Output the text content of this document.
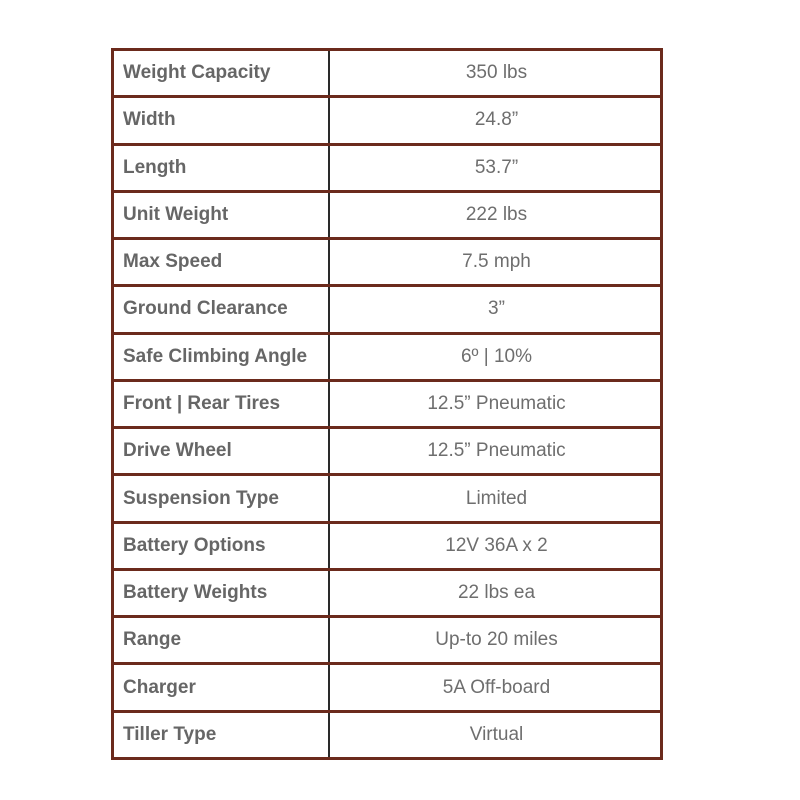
Weight Capacity	350 lbs
Width	24.8”
Length	53.7”
Unit Weight	222 lbs
Max Speed	7.5 mph
Ground Clearance	3”
Safe Climbing Angle	6º | 10%
Front | Rear Tires	12.5” Pneumatic
Drive Wheel	12.5” Pneumatic
Suspension Type	Limited
Battery Options	12V 36A x 2
Battery Weights	22 lbs ea
Range	Up-to 20 miles
Charger	5A Off-board
Tiller Type	Virtual
